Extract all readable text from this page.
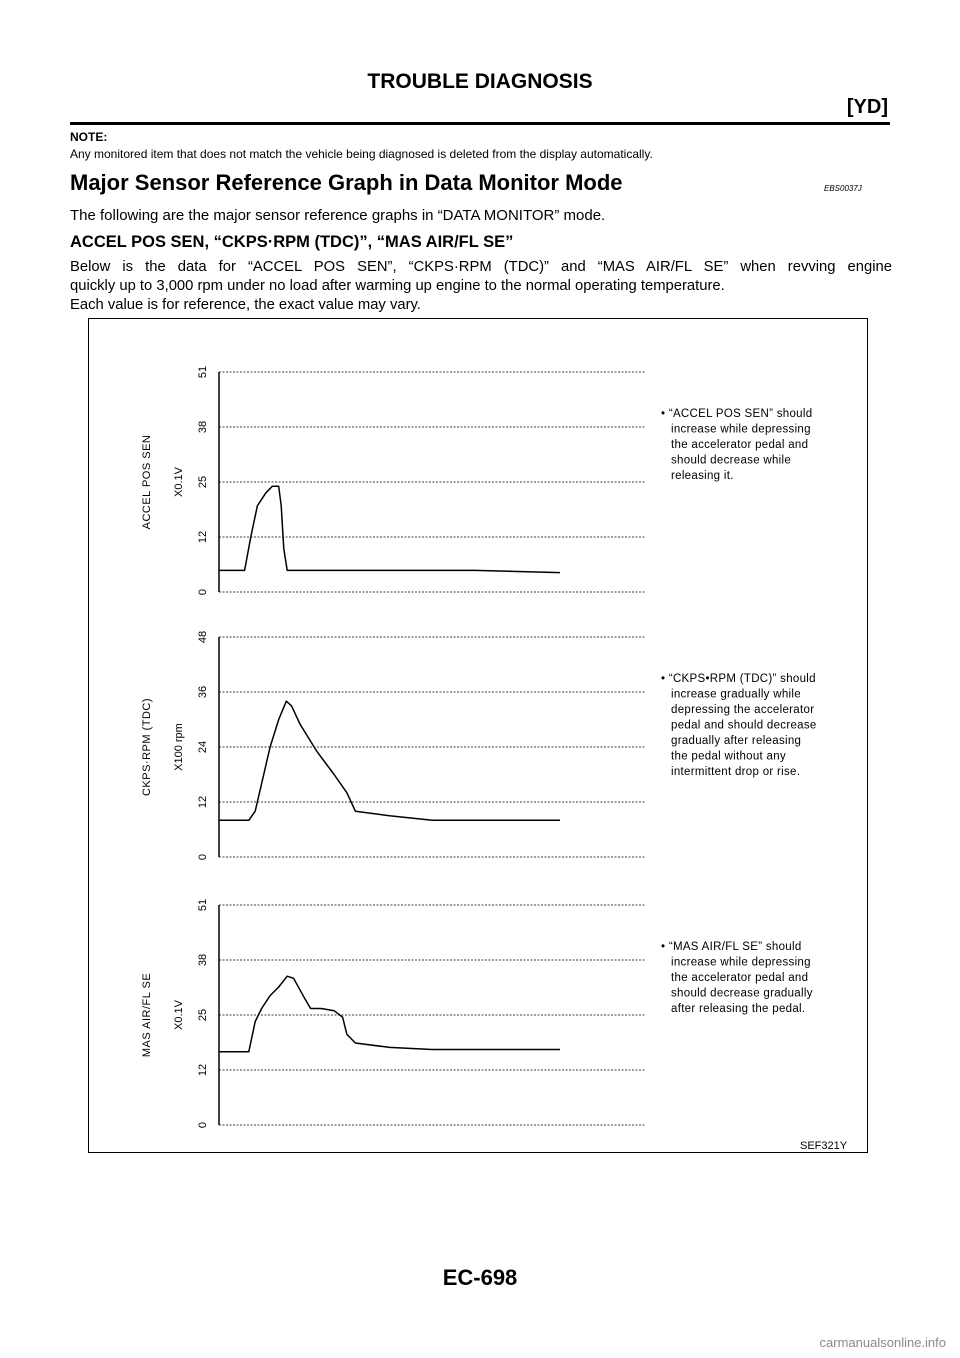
TROUBLE DIAGNOSIS
[YD]
NOTE:
Any monitored item that does not match the vehicle being diagnosed is deleted from the display automatically.
Major Sensor Reference Graph in Data Monitor Mode	EBS0037J
The following are the major sensor reference graphs in “DATA MONITOR” mode.
ACCEL POS SEN, “CKPS·RPM (TDC)”, “MAS AIR/FL SE”

Below is the data for “ACCEL POS SEN”, “CKPS·RPM (TDC)” and “MAS AIR/FL SE” when revving engine

quickly up to 3,000 rpm under no load after warming up engine to the normal operating temperature.

Each value is for reference, the exact value may vary.

0
12
25
38
51
X0.1V
ACCEL POS SEN
• “ACCEL POS SEN” should
increase while depressing
the accelerator pedal and
should decrease while
releasing it.
0
12
24
36
48
X100 rpm
CKPS·RPM (TDC)
• “CKPS•RPM (TDC)” should
increase gradually while
depressing the accelerator
pedal and should decrease
gradually after releasing
the pedal without any
intermittent drop or rise.
0
12
25
38
51
X0.1V
MAS AIR/FL SE
• “MAS AIR/FL SE” should
increase while depressing
the accelerator pedal and
should decrease gradually
after releasing the pedal.
SEF321Y
EC-698
carmanualsonline.info
